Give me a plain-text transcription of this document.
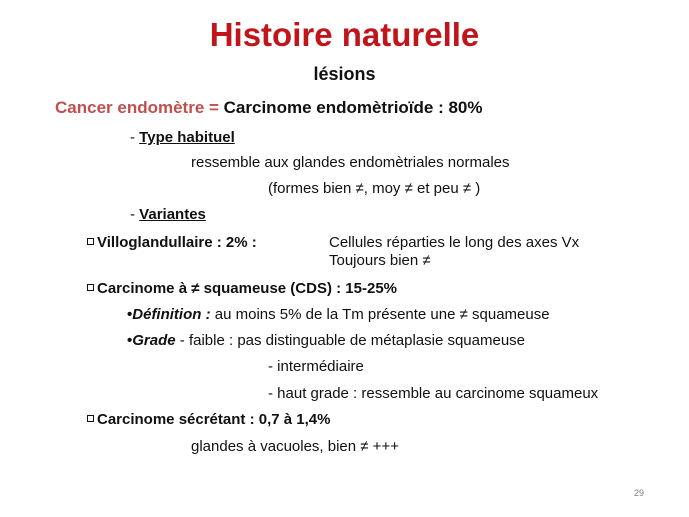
Histoire naturelle
lésions
Cancer endomètre = Carcinome endomètrioïde : 80%
- Type habituel
ressemble aux glandes endomètriales normales
(formes bien ≠, moy ≠ et peu ≠ )
- Variantes
Villoglandullaire : 2% :	Cellules réparties le long des axes Vx
Toujours bien ≠
Carcinome à ≠ squameuse (CDS) : 15-25%
•Définition : au moins 5% de la Tm présente une ≠ squameuse
•Grade - faible : pas distinguable de métaplasie squameuse
- intermédiaire
- haut grade : ressemble au carcinome squameux
Carcinome sécrétant : 0,7 à 1,4%
glandes à vacuoles, bien ≠ +++
29
